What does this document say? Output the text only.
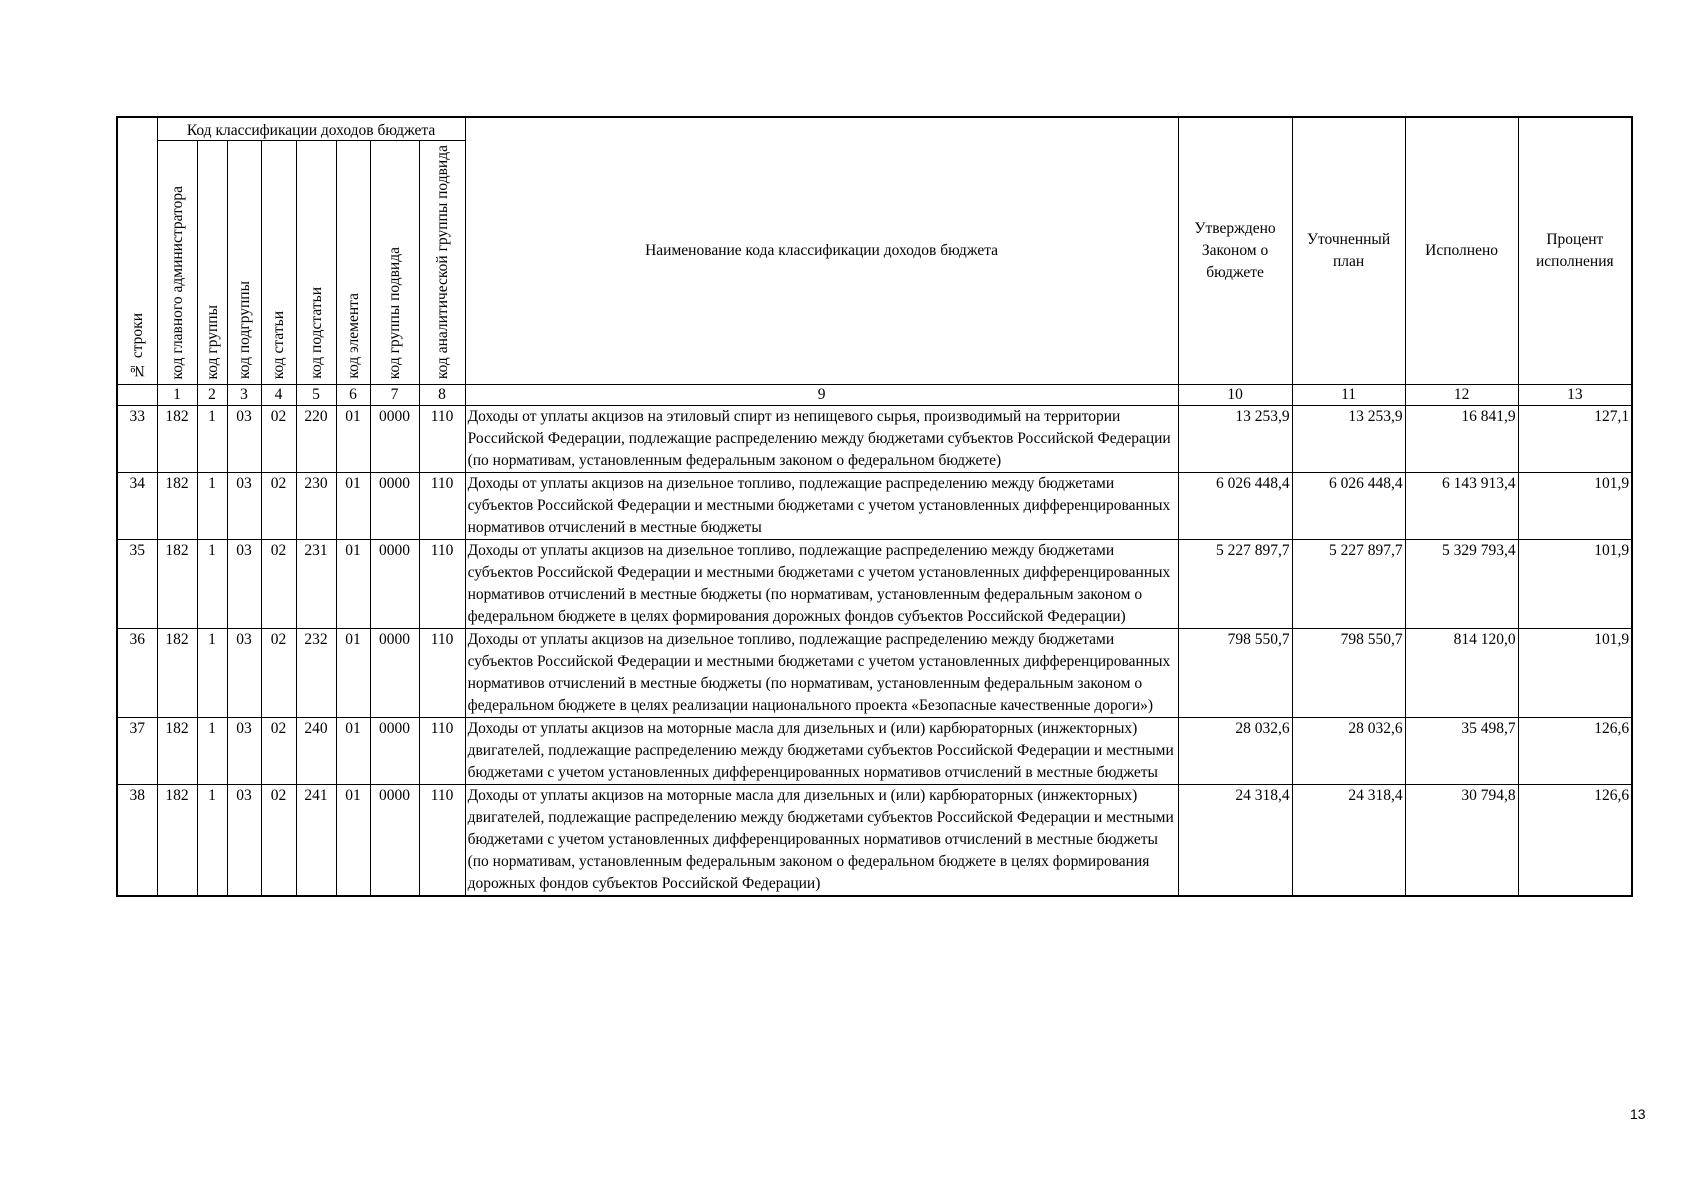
№ строки	Код классификации доходов бюджета								Наименование кода классификации доходов бюджета	Утверждено Законом о бюджете	Уточненный план	Исполнено	Процент исполнения
	код главного администратора	код группы	код подгруппы	код статьи	код подстатьи	код элемента	код группы подвида	код аналитической группы подвида					
	1	2	3	4	5	6	7	8	9	10	11	12	13
33	182	1	03	02	220	01	0000	110	Доходы от уплаты акцизов на этиловый спирт из непищевого сырья, производимый на территории Российской Федерации, подлежащие распределению между бюджетами субъектов Российской Федерации (по нормативам, установленным федеральным законом о федеральном бюджете)	13 253,9	13 253,9	16 841,9	127,1
34	182	1	03	02	230	01	0000	110	Доходы от уплаты акцизов на дизельное топливо, подлежащие распределению между бюджетами субъектов Российской Федерации и местными бюджетами с учетом установленных дифференцированных нормативов отчислений в местные бюджеты	6 026 448,4	6 026 448,4	6 143 913,4	101,9
35	182	1	03	02	231	01	0000	110	Доходы от уплаты акцизов на дизельное топливо, подлежащие распределению между бюджетами субъектов Российской Федерации и местными бюджетами с учетом установленных дифференцированных нормативов отчислений в местные бюджеты (по нормативам, установленным федеральным законом о федеральном бюджете в целях формирования дорожных фондов субъектов Российской Федерации)	5 227 897,7	5 227 897,7	5 329 793,4	101,9
36	182	1	03	02	232	01	0000	110	Доходы от уплаты акцизов на дизельное топливо, подлежащие распределению между бюджетами субъектов Российской Федерации и местными бюджетами с учетом установленных дифференцированных нормативов отчислений в местные бюджеты (по нормативам, установленным федеральным законом о федеральном бюджете в целях реализации национального проекта «Безопасные качественные дороги»)	798 550,7	798 550,7	814 120,0	101,9
37	182	1	03	02	240	01	0000	110	Доходы от уплаты акцизов на моторные масла для дизельных и (или) карбюраторных (инжекторных) двигателей, подлежащие распределению между бюджетами субъектов Российской Федерации и местными бюджетами с учетом установленных дифференцированных нормативов отчислений в местные бюджеты	28 032,6	28 032,6	35 498,7	126,6
38	182	1	03	02	241	01	0000	110	Доходы от уплаты акцизов на моторные масла для дизельных и (или) карбюраторных (инжекторных) двигателей, подлежащие распределению между бюджетами субъектов Российской Федерации и местными бюджетами с учетом установленных дифференцированных нормативов отчислений в местные бюджеты (по нормативам, установленным федеральным законом о федеральном бюджете в целях формирования дорожных фондов субъектов Российской Федерации)	24 318,4	24 318,4	30 794,8	126,6
13
